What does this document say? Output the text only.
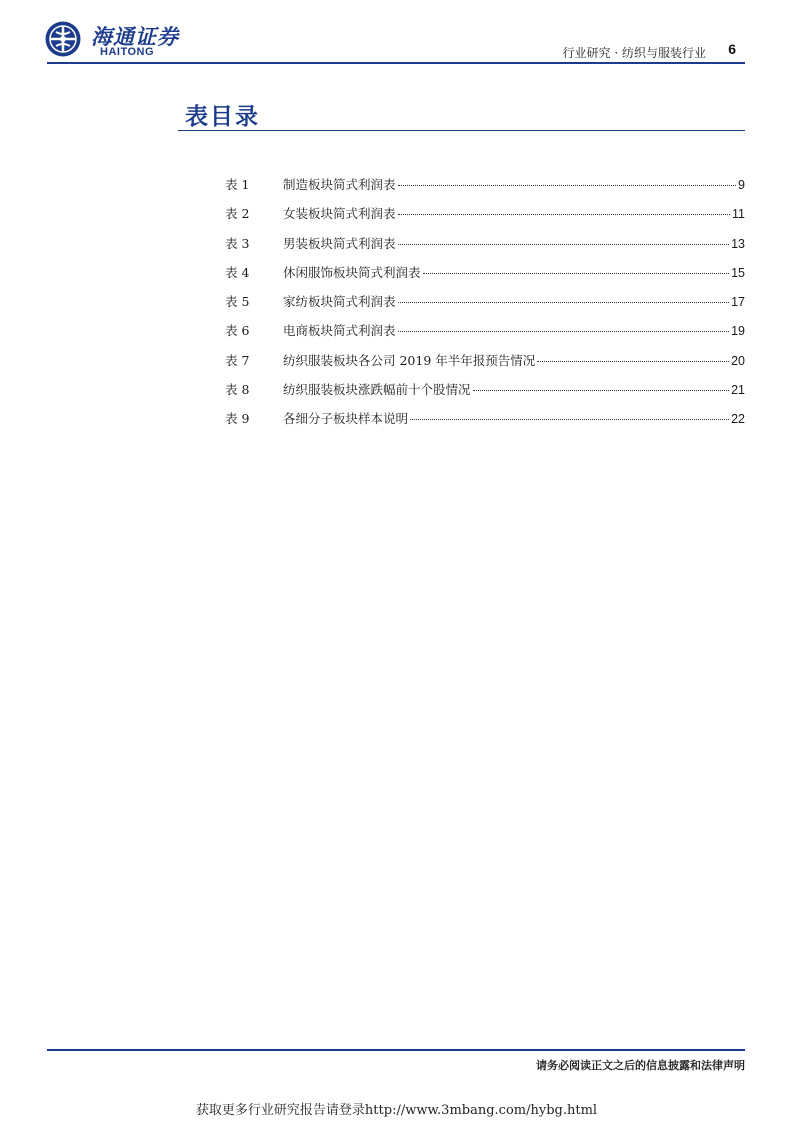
海通证券
HAITONG	行业研究 · 纺织与服装行业 6
表目录
表 1	制造板块简式利润表	9
表 2	女装板块简式利润表	11
表 3	男装板块简式利润表	13
表 4	休闲服饰板块简式利润表	15
表 5	家纺板块简式利润表	17
表 6	电商板块简式利润表	19
表 7	纺织服装板块各公司 2019 年半年报预告情况	20
表 8	纺织服装板块涨跌幅前十个股情况	21
表 9	各细分子板块样本说明	22
请务必阅读正文之后的信息披露和法律声明
获取更多行业研究报告请登录http://www.3mbang.com/hybg.html
